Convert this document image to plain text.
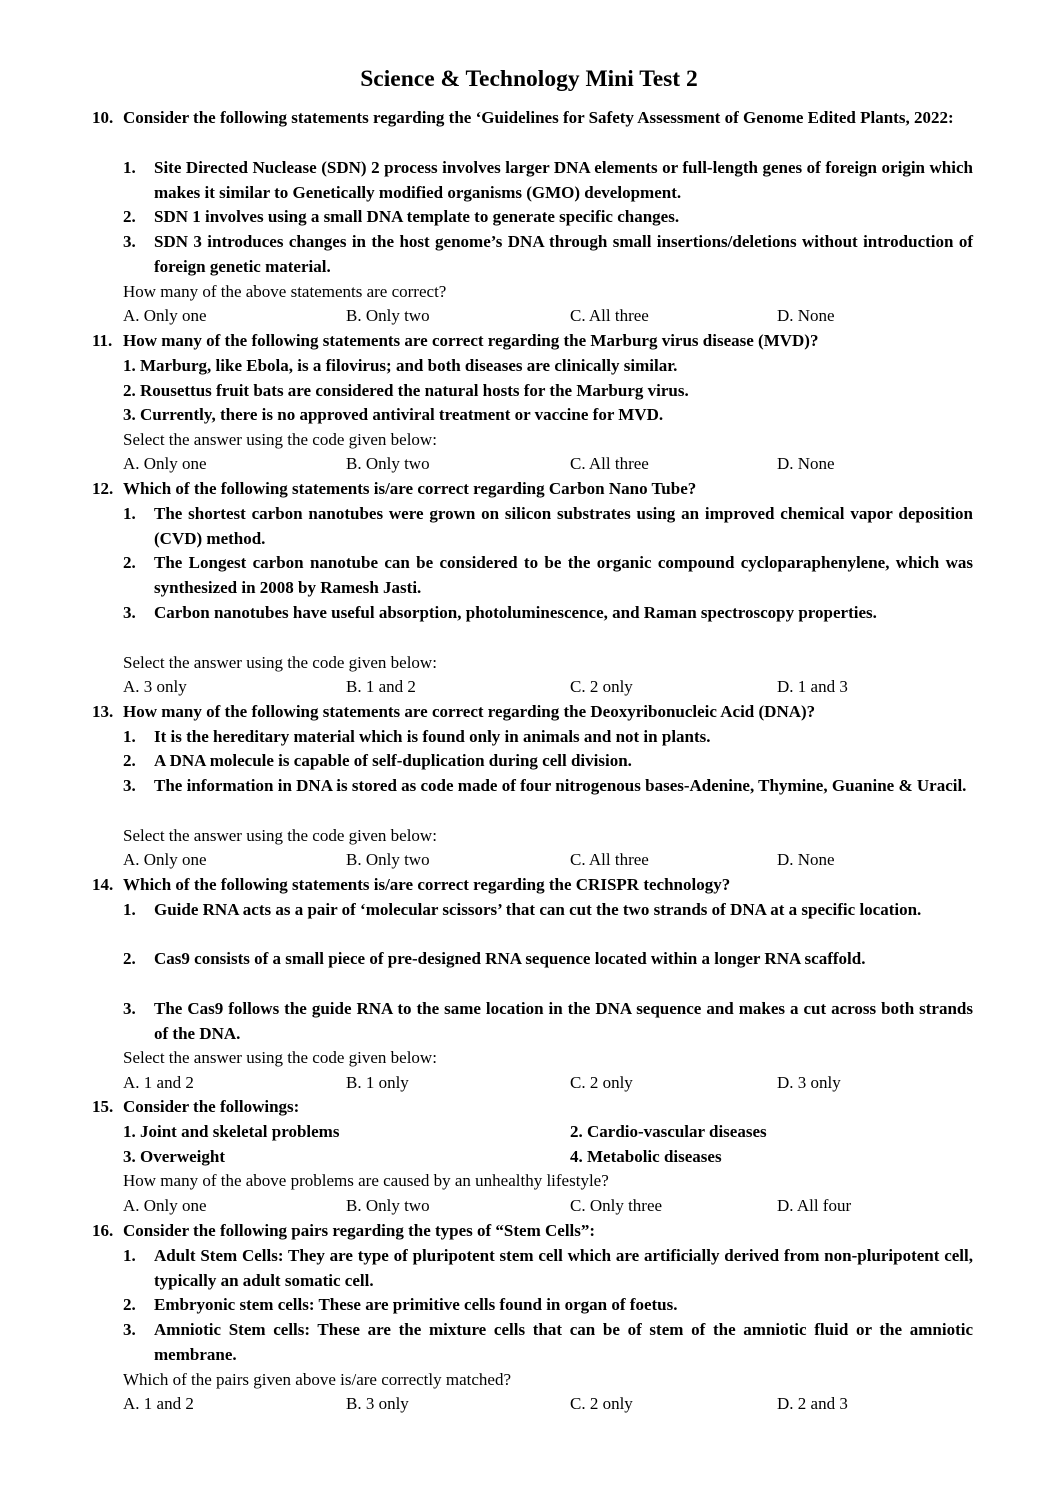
Science & Technology Mini Test 2
10. Consider the following statements regarding the ‘Guidelines for Safety Assessment of Genome Edited Plants, 2022:
1.	Site Directed Nuclease (SDN) 2 process involves larger DNA elements or full-length genes of foreign origin which makes it similar to Genetically modified organisms (GMO) development.
2.	SDN 1 involves using a small DNA template to generate specific changes.
3.	SDN 3 introduces changes in the host genome’s DNA through small insertions/deletions without introduction of foreign genetic material.
How many of the above statements are correct?
A. Only one	B. Only two	C. All three	D. None
11. How many of the following statements are correct regarding the Marburg virus disease (MVD)?
1. Marburg, like Ebola, is a filovirus; and both diseases are clinically similar.
2. Rousettus fruit bats are considered the natural hosts for the Marburg virus.
3. Currently, there is no approved antiviral treatment or vaccine for MVD.
Select the answer using the code given below:
A. Only one	B. Only two	C. All three	D. None
12. Which of the following statements is/are correct regarding Carbon Nano Tube?
1.	The shortest carbon nanotubes were grown on silicon substrates using an improved chemical vapor deposition (CVD) method.
2.	The Longest carbon nanotube can be considered to be the organic compound cycloparaphenylene, which was synthesized in 2008 by Ramesh Jasti.
3.	Carbon nanotubes have useful absorption, photoluminescence, and Raman spectroscopy properties.
Select the answer using the code given below:
A. 3 only	B. 1 and 2	C. 2 only	D. 1 and 3
13. How many of the following statements are correct regarding the Deoxyribonucleic Acid (DNA)?
1.	It is the hereditary material which is found only in animals and not in plants.
2.	A DNA molecule is capable of self-duplication during cell division.
3.	The information in DNA is stored as code made of four nitrogenous bases-Adenine, Thymine, Guanine & Uracil.
Select the answer using the code given below:
A. Only one	B. Only two	C. All three	D. None
14. Which of the following statements is/are correct regarding the CRISPR technology?
1.	Guide RNA acts as a pair of ‘molecular scissors’ that can cut the two strands of DNA at a specific location.
2.	Cas9 consists of a small piece of pre-designed RNA sequence located within a longer RNA scaffold.
3.	The Cas9 follows the guide RNA to the same location in the DNA sequence and makes a cut across both strands of the DNA.
Select the answer using the code given below:
A. 1 and 2	B. 1 only	C. 2 only	D. 3 only
15. Consider the followings:
1. Joint and skeletal problems	2. Cardio-vascular diseases
3. Overweight	4. Metabolic diseases
How many of the above problems are caused by an unhealthy lifestyle?
A. Only one	B. Only two	C. Only three	D. All four
16. Consider the following pairs regarding the types of “Stem Cells”:
1.	Adult Stem Cells: They are type of pluripotent stem cell which are artificially derived from non-pluripotent cell, typically an adult somatic cell.
2.	Embryonic stem cells: These are primitive cells found in organ of foetus.
3.	Amniotic Stem cells: These are the mixture cells that can be of stem of the amniotic fluid or the amniotic membrane.
Which of the pairs given above is/are correctly matched?
A. 1 and 2	B. 3 only	C. 2 only	D. 2 and 3
